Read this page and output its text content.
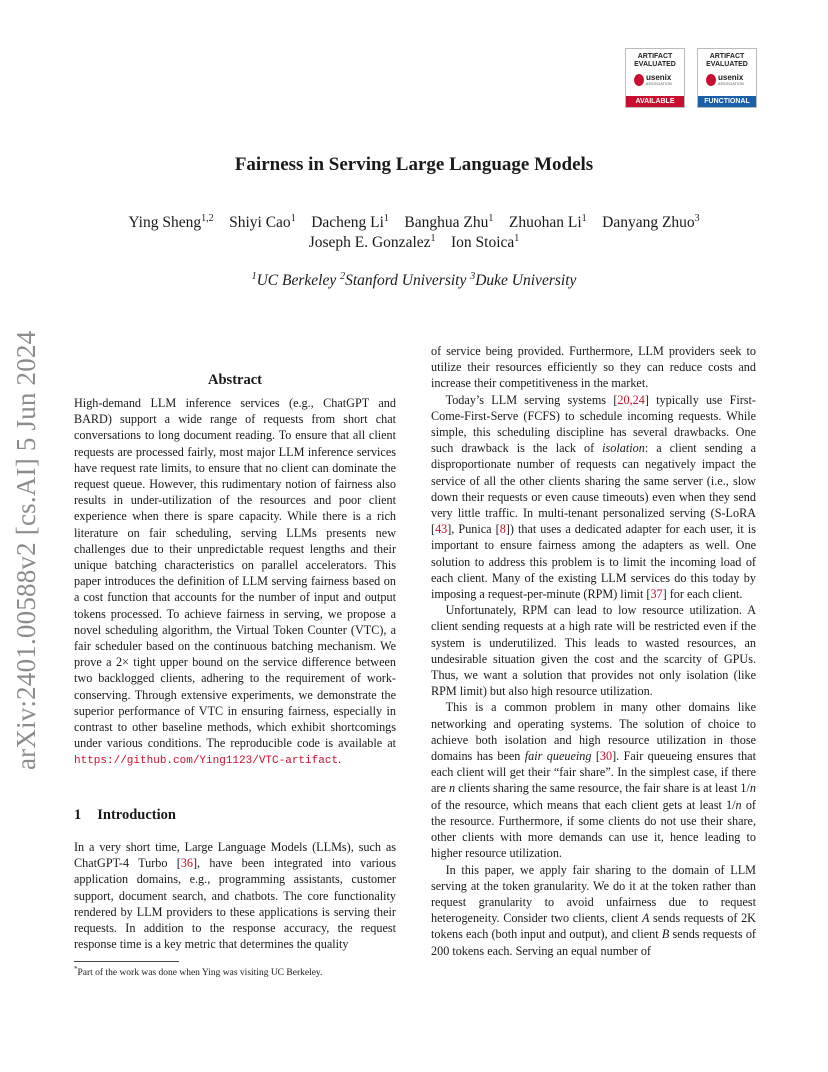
ARTIFACT
EVALUATED
usenix
ASSOCIATION
AVAILABLE
ARTIFACT
EVALUATED
usenix
ASSOCIATION
FUNCTIONAL
arXiv:2401.00588v2 [cs.AI] 5 Jun 2024
Fairness in Serving Large Language Models
Ying Sheng$^{1,2}$ Shiyi Cao$^1$ Dacheng Li$^1$ Banghua Zhu$^1$ Zhuohan Li$^1$ Danyang Zhuo$^3$
Joseph E. Gonzalez$^1$ Ion Stoica$^1$
$^1$UC Berkeley $^2$Stanford University $^3$Duke University
Abstract

High-demand LLM inference services (e.g., ChatGPT and BARD) support a wide range of requests from short chat conversations to long document reading. To ensure that all client requests are processed fairly, most major LLM inference services have request rate limits, to ensure that no client can dominate the request queue. However, this rudimentary notion of fairness also results in under-utilization of the resources and poor client experience when there is spare capacity. While there is a rich literature on fair scheduling, serving LLMs presents new challenges due to their unpredictable request lengths and their unique batching characteristics on parallel accelerators. This paper introduces the definition of LLM serving fairness based on a cost function that accounts for the number of input and output tokens processed. To achieve fairness in serving, we propose a novel scheduling algorithm, the Virtual Token Counter (VTC), a fair scheduler based on the continuous batching mechanism. We prove a 2× tight upper bound on the service difference between two backlogged clients, adhering to the requirement of work-conserving. Through extensive experiments, we demonstrate the superior performance of VTC in ensuring fairness, especially in contrast to other baseline methods, which exhibit shortcomings under various conditions. The reproducible code is available at https://github.com/Ying1123/VTC-artifact.

1 Introduction

In a very short time, Large Language Models (LLMs), such as ChatGPT-4 Turbo [36], have been integrated into various application domains, e.g., programming assistants, customer support, document search, and chatbots. The core functionality rendered by LLM providers to these applications is serving their requests. In addition to the response accuracy, the request response time is a key metric that determines the quality

*Part of the work was done when Ying was visiting UC Berkeley.

of service being provided. Furthermore, LLM providers seek to utilize their resources efficiently so they can reduce costs and increase their competitiveness in the market.

Today’s LLM serving systems [20,24] typically use First-Come-First-Serve (FCFS) to schedule incoming requests. While simple, this scheduling discipline has several drawbacks. One such drawback is the lack of isolation: a client sending a disproportionate number of requests can negatively impact the service of all the other clients sharing the same server (i.e., slow down their requests or even cause timeouts) even when they send very little traffic. In multi-tenant personalized serving (S-LoRA [43], Punica [8]) that uses a dedicated adapter for each user, it is important to ensure fairness among the adapters as well. One solution to address this problem is to limit the incoming load of each client. Many of the existing LLM services do this today by imposing a request-per-minute (RPM) limit [37] for each client.

Unfortunately, RPM can lead to low resource utilization. A client sending requests at a high rate will be restricted even if the system is underutilized. This leads to wasted resources, an undesirable situation given the cost and the scarcity of GPUs. Thus, we want a solution that provides not only isolation (like RPM limit) but also high resource utilization.

This is a common problem in many other domains like networking and operating systems. The solution of choice to achieve both isolation and high resource utilization in those domains has been fair queueing [30]. Fair queueing ensures that each client will get their “fair share”. In the simplest case, if there are n clients sharing the same resource, the fair share is at least 1/n of the resource, which means that each client gets at least 1/n of the resource. Furthermore, if some clients do not use their share, other clients with more demands can use it, hence leading to higher resource utilization.

In this paper, we apply fair sharing to the domain of LLM serving at the token granularity. We do it at the token rather than request granularity to avoid unfairness due to request heterogeneity. Consider two clients, client A sends requests of 2K tokens each (both input and output), and client B sends requests of 200 tokens each. Serving an equal number of
